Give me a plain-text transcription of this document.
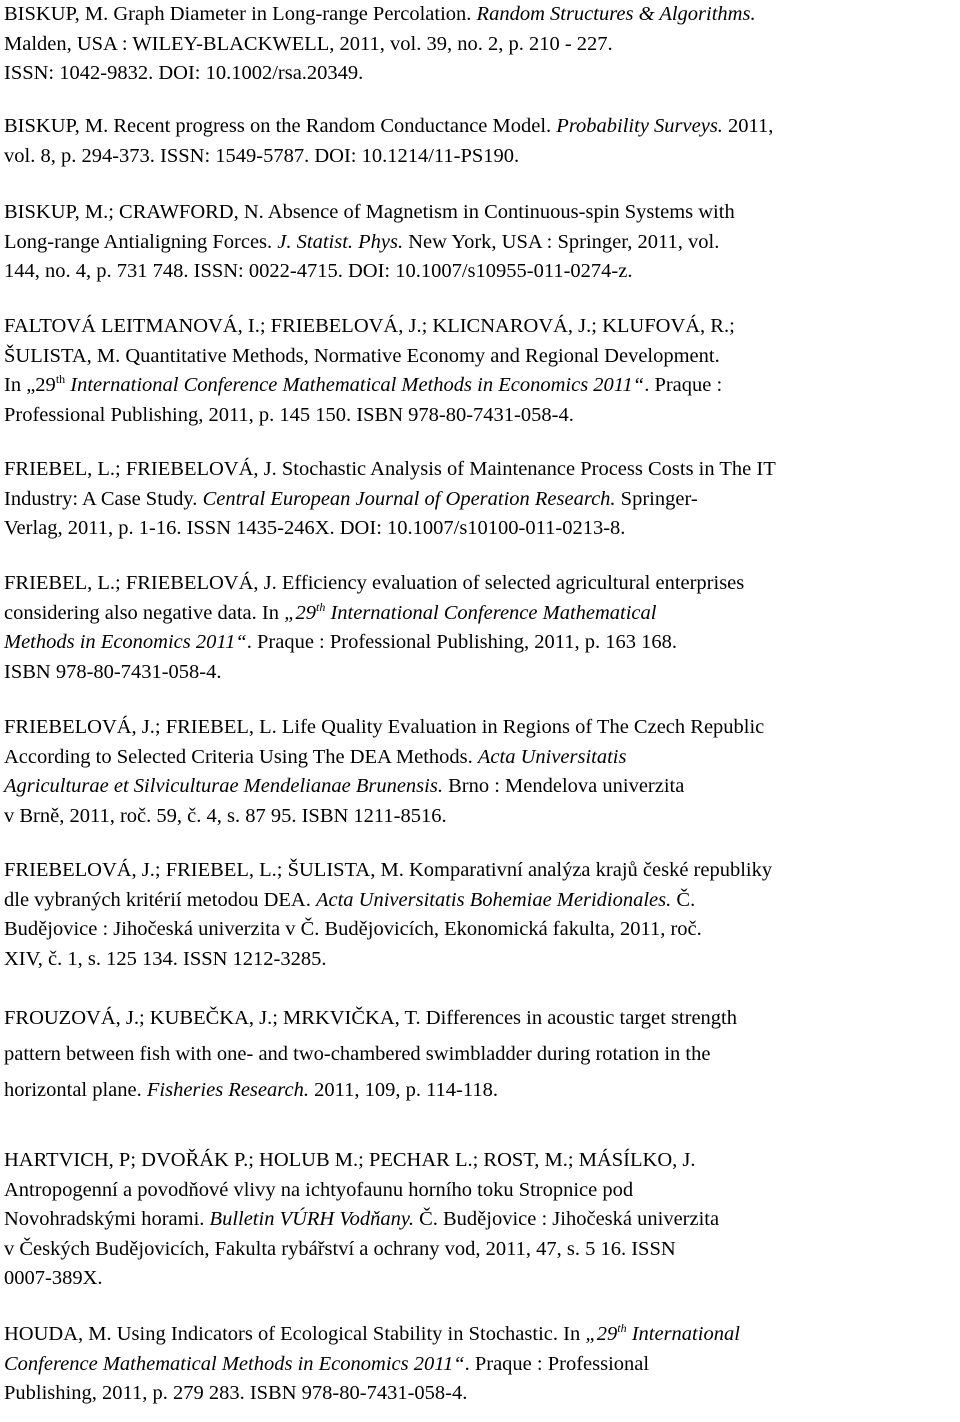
BISKUP, M. Graph Diameter in Long-range Percolation. Random Structures & Algorithms.
Malden, USA : WILEY-BLACKWELL, 2011, vol. 39, no. 2, p. 210 - 227.
ISSN: 1042-9832. DOI: 10.1002/rsa.20349.
BISKUP, M. Recent progress on the Random Conductance Model. Probability Surveys. 2011,
vol. 8, p. 294-373. ISSN: 1549-5787. DOI: 10.1214/11-PS190.
BISKUP, M.; CRAWFORD, N. Absence of Magnetism in Continuous-spin Systems with
Long-range Antialigning Forces. J. Statist. Phys. New York, USA : Springer, 2011, vol.
144, no. 4, p. 731 748. ISSN: 0022-4715. DOI: 10.1007/s10955-011-0274-z.
FALTOVÁ LEITMANOVÁ, I.; FRIEBELOVÁ, J.; KLICNAROVÁ, J.; KLUFOVÁ, R.;
ŠULISTA, M. Quantitative Methods, Normative Economy and Regional Development.
In „29th International Conference Mathematical Methods in Economics 2011“. Praque :
Professional Publishing, 2011, p. 145 150. ISBN 978-80-7431-058-4.
FRIEBEL, L.; FRIEBELOVÁ, J. Stochastic Analysis of Maintenance Process Costs in The IT
Industry: A Case Study. Central European Journal of Operation Research. Springer-
Verlag, 2011, p. 1-16. ISSN 1435-246X. DOI: 10.1007/s10100-011-0213-8.
FRIEBEL, L.; FRIEBELOVÁ, J. Efficiency evaluation of selected agricultural enterprises
considering also negative data. In „29th International Conference Mathematical
Methods in Economics 2011“. Praque : Professional Publishing, 2011, p. 163 168.
ISBN 978-80-7431-058-4.
FRIEBELOVÁ, J.; FRIEBEL, L. Life Quality Evaluation in Regions of The Czech Republic
According to Selected Criteria Using The DEA Methods. Acta Universitatis
Agriculturae et Silviculturae Mendelianae Brunensis. Brno : Mendelova univerzita
v Brně, 2011, roč. 59, č. 4, s. 87 95. ISBN 1211-8516.
FRIEBELOVÁ, J.; FRIEBEL, L.; ŠULISTA, M. Komparativní analýza krajů české republiky
dle vybraných kritérií metodou DEA. Acta Universitatis Bohemiae Meridionales. Č.
Budějovice : Jihočeská univerzita v Č. Budějovicích, Ekonomická fakulta, 2011, roč.
XIV, č. 1, s. 125 134. ISSN 1212-3285.
FROUZOVÁ, J.; KUBEČKA, J.; MRKVIČKA, T. Differences in acoustic target strength
pattern between fish with one- and two-chambered swimbladder during rotation in the
horizontal plane. Fisheries Research. 2011, 109, p. 114-118.
HARTVICH, P; DVOŘÁK P.; HOLUB M.; PECHAR L.; ROST, M.; MÁSÍLKO, J.
Antropogenní a povodňové vlivy na ichtyofaunu horního toku Stropnice pod
Novohradskými horami. Bulletin VÚRH Vodňany. Č. Budějovice : Jihočeská univerzita
v Českých Budějovicích, Fakulta rybářství a ochrany vod, 2011, 47, s. 5 16. ISSN
0007-389X.
HOUDA, M. Using Indicators of Ecological Stability in Stochastic. In „29th International
Conference Mathematical Methods in Economics 2011“. Praque : Professional
Publishing, 2011, p. 279 283. ISBN 978-80-7431-058-4.
